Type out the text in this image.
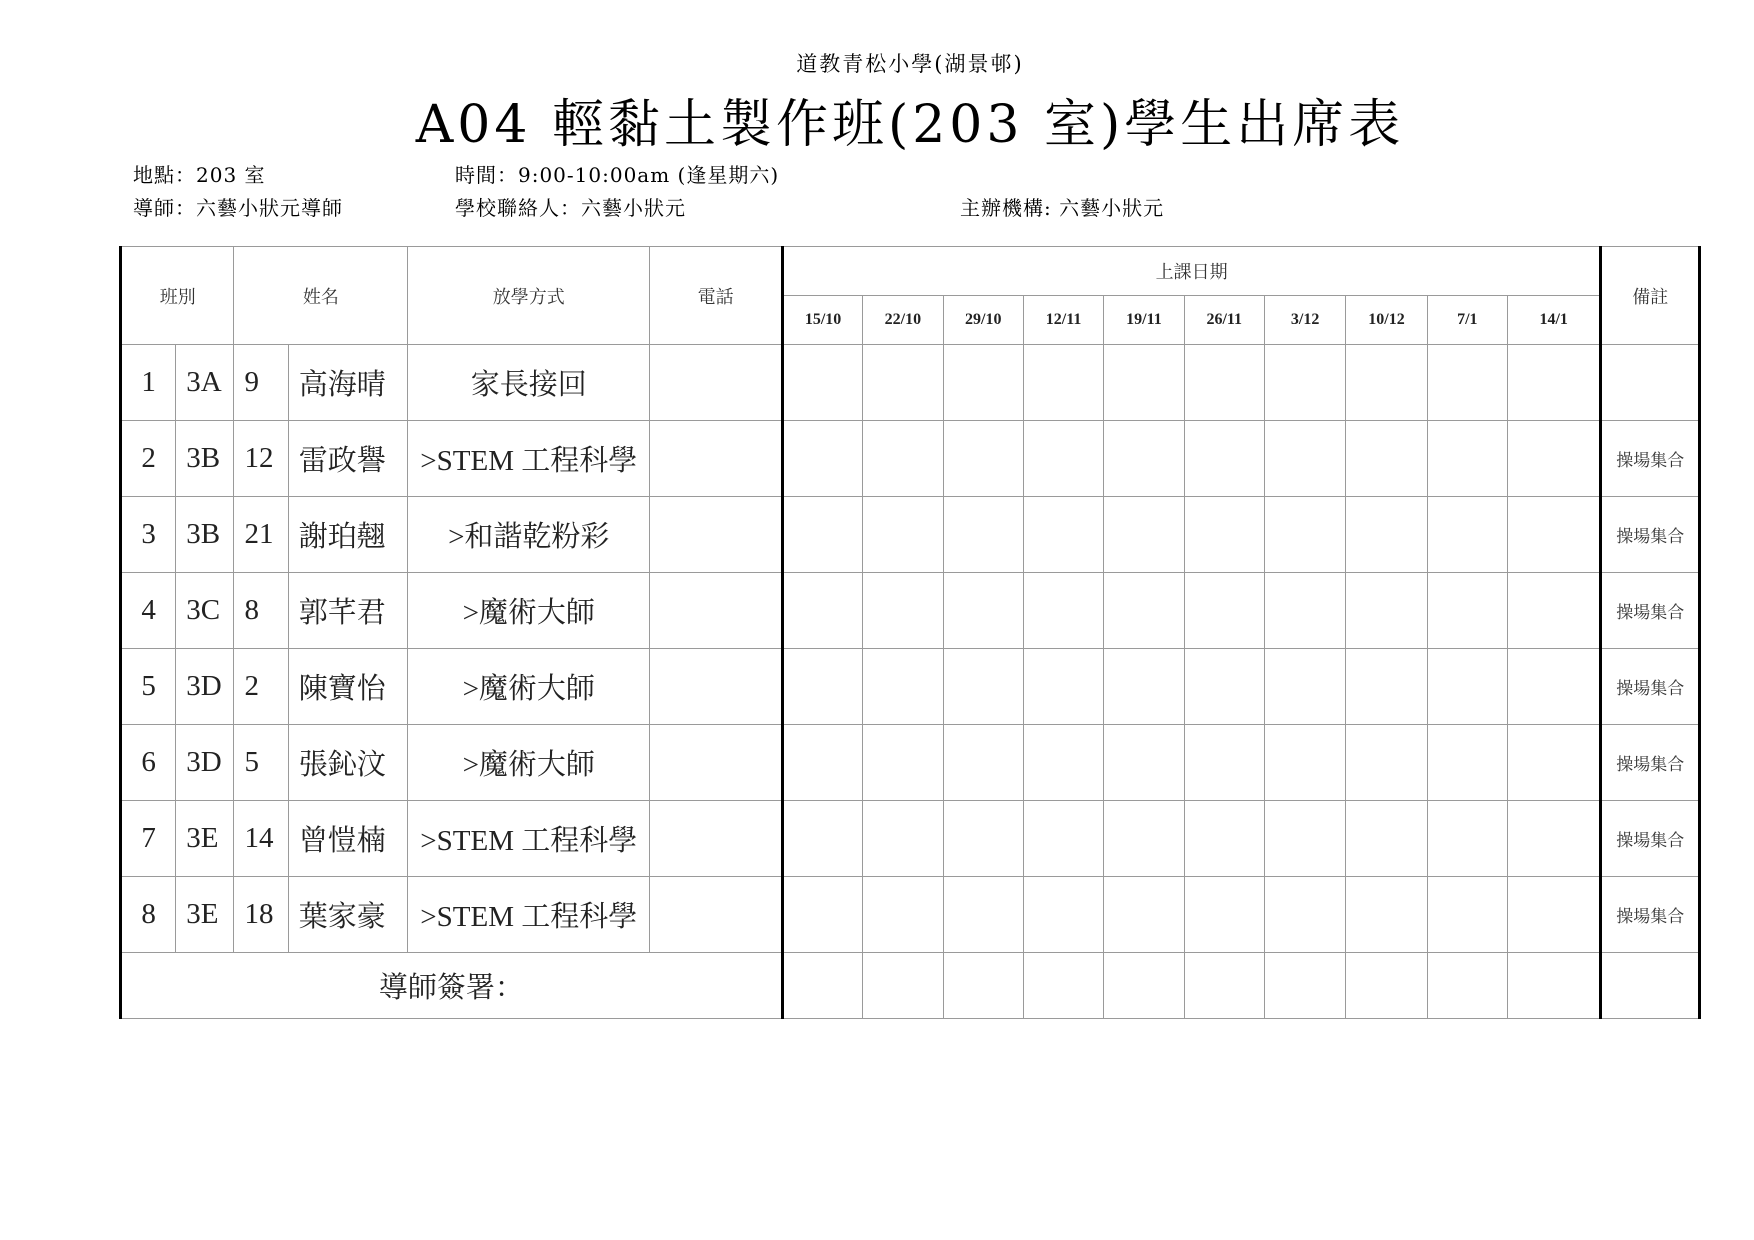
道教青松小學(湖景邨)
A04 輕黏土製作班(203 室)學生出席表
地點：203 室	時間：9:00-10:00am (逢星期六)
導師：六藝小狀元導師	學校聯絡人：六藝小狀元	主辦機構: 六藝小狀元
班別		姓名		放學方式	電話	上課日期										備註
						15/10	22/10	29/10	12/11	19/11	26/11	3/12	10/12	7/1	14/1	
1	3A	9	高海晴	家長接回												
2	3B	12	雷政譽	>STEM 工程科學												操場集合
3	3B	21	謝珀翹	>和諧乾粉彩												操場集合
4	3C	8	郭芊君	>魔術大師												操場集合
5	3D	2	陳寶怡	>魔術大師												操場集合
6	3D	5	張鈊汶	>魔術大師												操場集合
7	3E	14	曾愷楠	>STEM 工程科學												操場集合
8	3E	18	葉家豪	>STEM 工程科學												操場集合
導師簽署：																
